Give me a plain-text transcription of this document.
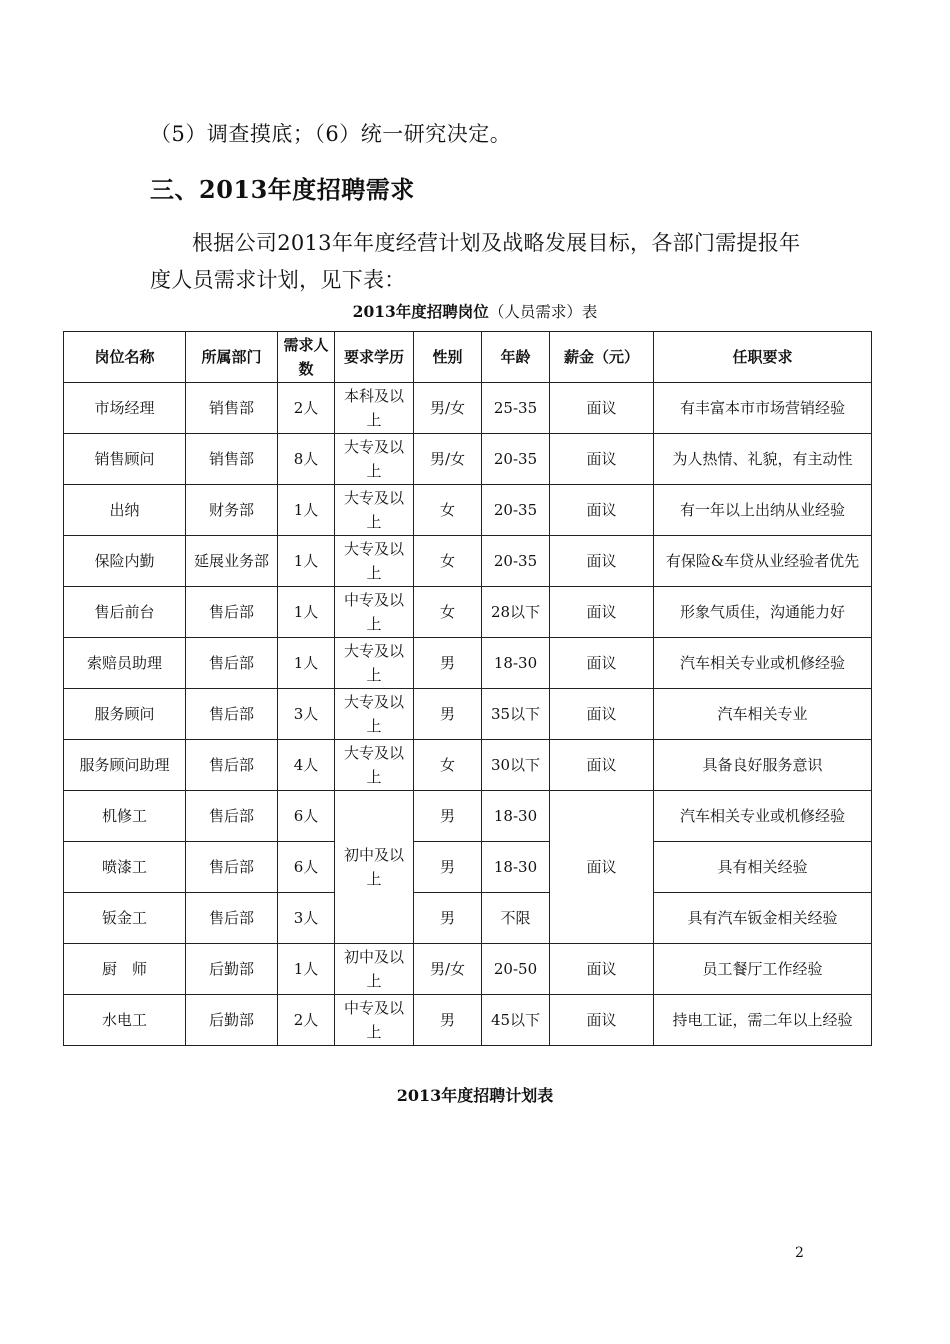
（5）调查摸底；（6）统一研究决定。
三、2013年度招聘需求
根据公司2013年年度经营计划及战略发展目标，各部门需提报年
度人员需求计划，见下表：
2013年度招聘岗位（人员需求）表
岗位名称	所属部门	需求人数	要求学历	性别	年龄	薪金（元）	任职要求
市场经理	销售部	2人	本科及以上	男/女	25-35	面议	有丰富本市市场营销经验
销售顾问	销售部	8人	大专及以上	男/女	20-35	面议	为人热情、礼貌，有主动性
出纳	财务部	1人	大专及以上	女	20-35	面议	有一年以上出纳从业经验
保险内勤	延展业务部	1人	大专及以上	女	20-35	面议	有保险&车贷从业经验者优先
售后前台	售后部	1人	中专及以上	女	28以下	面议	形象气质佳，沟通能力好
索赔员助理	售后部	1人	大专及以上	男	18-30	面议	汽车相关专业或机修经验
服务顾问	售后部	3人	大专及以上	男	35以下	面议	汽车相关专业
服务顾问助理	售后部	4人	大专及以上	女	30以下	面议	具备良好服务意识
机修工	售后部	6人	初中及以上	男	18-30	面议	汽车相关专业或机修经验
喷漆工	售后部	6人		男	18-30		具有相关经验
钣金工	售后部	3人		男	不限		具有汽车钣金相关经验
厨　师	后勤部	1人	初中及以上	男/女	20-50	面议	员工餐厅工作经验
水电工	后勤部	2人	中专及以上	男	45以下	面议	持电工证，需二年以上经验
2013年度招聘计划表
2
